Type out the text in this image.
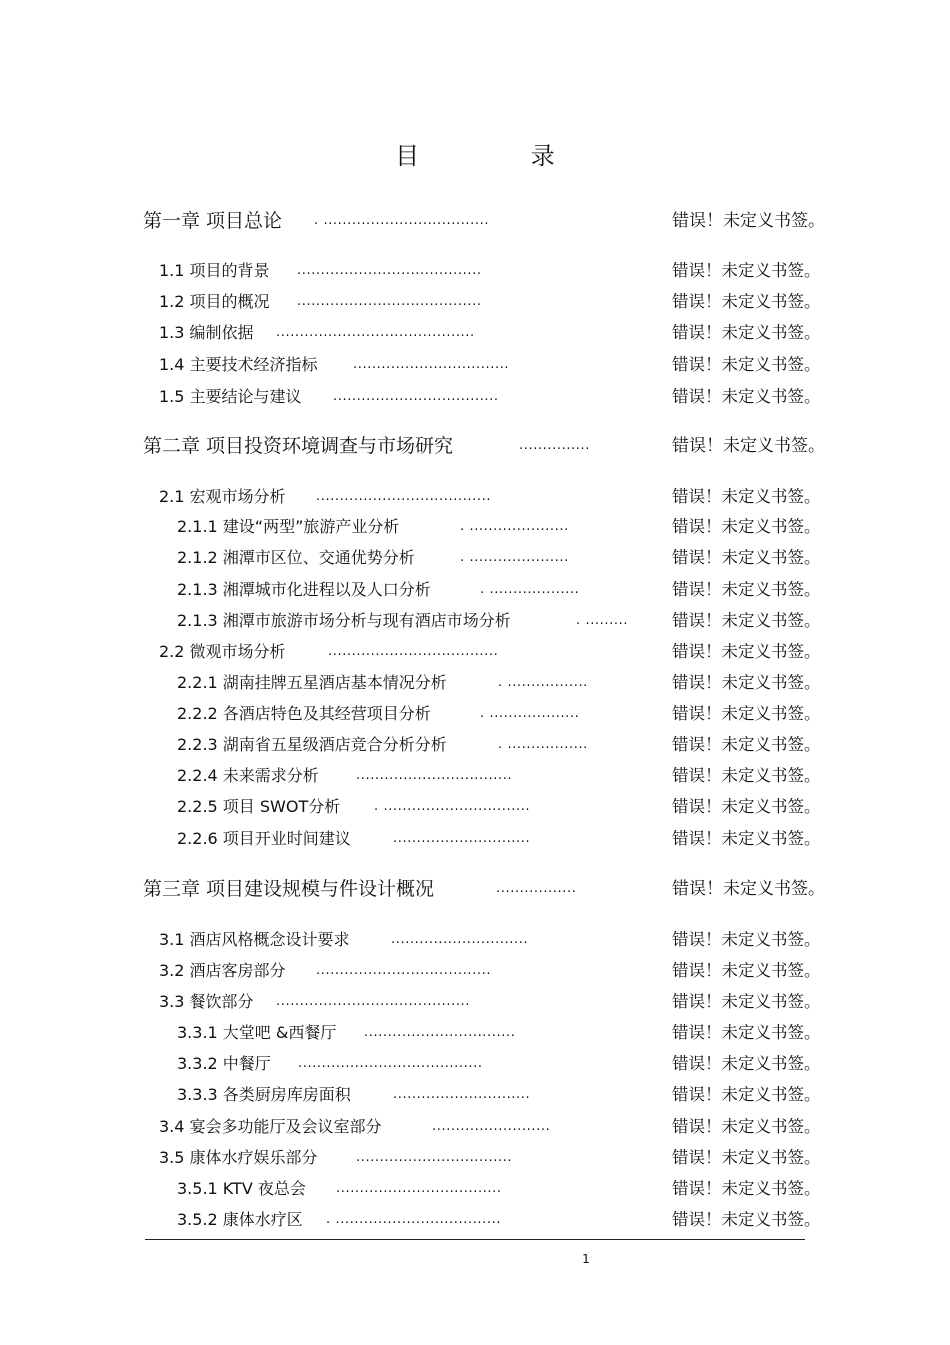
目 录
第一章 项目总论 . ...................................	错误！未定义书签。
1.1 项目的背景 .......................................	错误！未定义书签。
1.2 项目的概况 .......................................	错误！未定义书签。
1.3 编制依据 ..........................................	错误！未定义书签。
1.4 主要技术经济指标	.................................	错误！未定义书签。
1.5 主要结论与建议 ...................................	错误！未定义书签。
第二章 项目投资环境调查与市场研究	...............	错误！未定义书签。
2.1 宏观市场分析 .....................................	错误！未定义书签。
2.1.1 建设“两型”旅游产业分析	. .....................	错误！未定义书签。
2.1.2 湘潭市区位、交通优势分析	. .....................	错误！未定义书签。
2.1.3 湘潭城市化进程以及人口分析	. ...................	错误！未定义书签。
2.1.3 湘潭市旅游市场分析与现有酒店市场分析	. .........	错误！未定义书签。
2.2 微观市场分析	....................................	错误！未定义书签。
2.2.1 湖南挂牌五星酒店基本情况分析	. .................	错误！未定义书签。
2.2.2 各酒店特色及其经营项目分析	. ...................	错误！未定义书签。
2.2.3 湖南省五星级酒店竞合分析分析	. .................	错误！未定义书签。
2.2.4 未来需求分析	.................................	错误！未定义书签。
2.2.5 项目 SWOT分析	. ...............................	错误！未定义书签。
2.2.6 项目开业时间建议	.............................	错误！未定义书签。
第三章 项目建设规模与件设计概况	.................	错误！未定义书签。
3.1 酒店风格概念设计要求	.............................	错误！未定义书签。
3.2 酒店客房部分 .....................................	错误！未定义书签。
3.3 餐饮部分 .........................................	错误！未定义书签。
3.3.1 大堂吧 &西餐厅 ................................	错误！未定义书签。
3.3.2 中餐厅 .......................................	错误！未定义书签。
3.3.3 各类厨房库房面积	.............................	错误！未定义书签。
3.4 宴会多功能厅及会议室部分	.........................	错误！未定义书签。
3.5 康体水疗娱乐部分	.................................	错误！未定义书签。
3.5.1 KTV 夜总会 ...................................	错误！未定义书签。
3.5.2 康体水疗区 . ...................................	错误！未定义书签。
1
